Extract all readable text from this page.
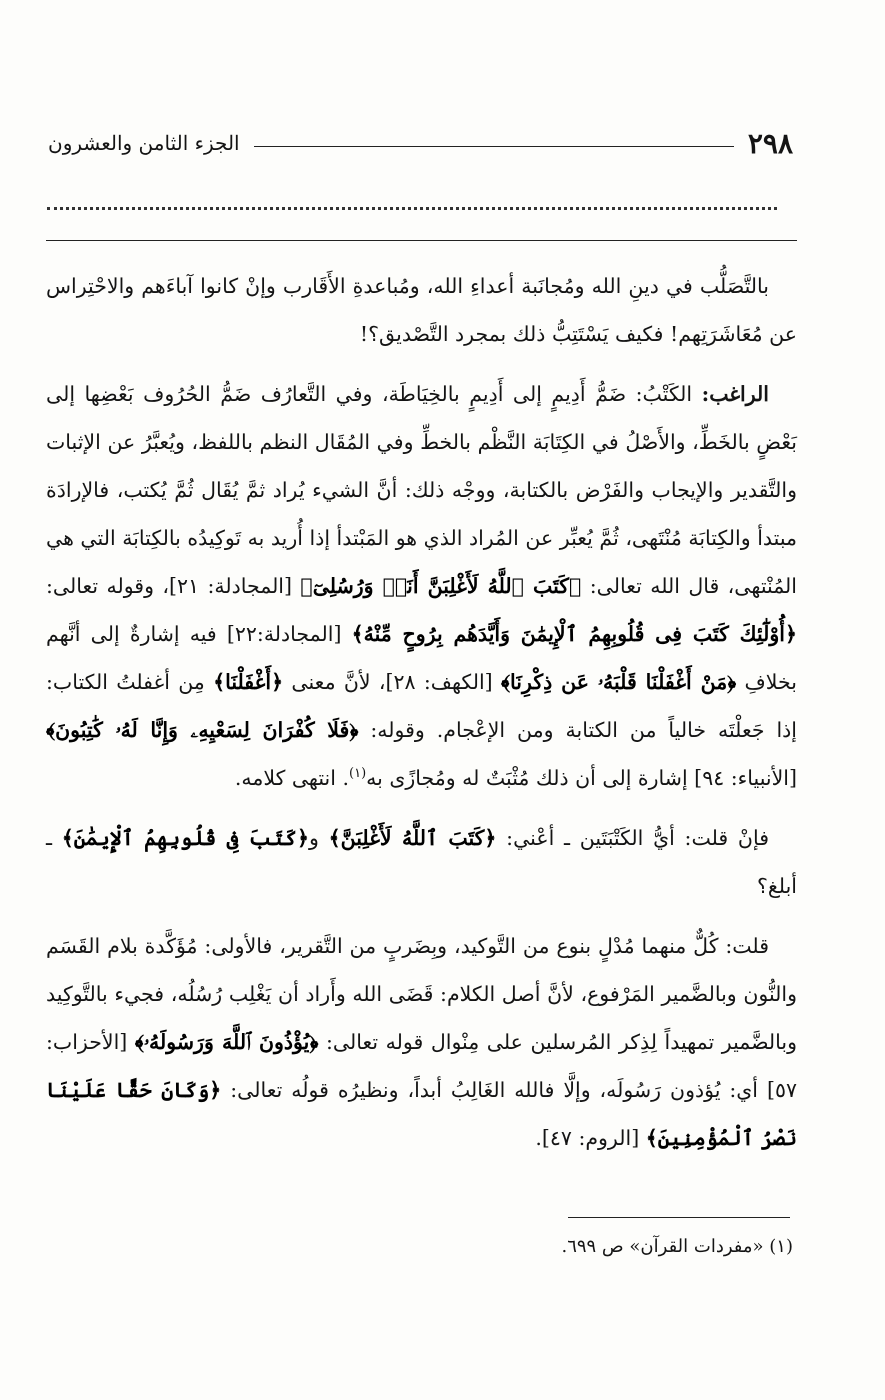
٢٩٨
الجزء الثامن والعشرون

بالتَّصَلُّب في دينِ الله ومُجانَبة أعداءِ الله، ومُباعدةِ الأَقَارب وإنْ كانوا آباءَهم والاحْتِراس عن مُعَاشَرَتِهم! فكيف يَسْتَتِبُّ ذلك بمجرد التَّصْديق؟!

الراغب: الكَتْبُ: ضَمُّ أَدِيمٍ إلى أَدِيمٍ بالخِيَاطَة، وفي التَّعارُف ضَمُّ الحُرُوف بَعْضِها إلى بَعْضٍ بالخَطِّ، والأَصْلُ في الكِتَابَة النَّظْم بالخطِّ وفي المُقَال النظم باللفظ، ويُعبَّرُ عن الإثبات والتَّقدير والإيجاب والفَرْض بالكتابة، ووجْه ذلك: أنَّ الشيء يُراد ثمَّ يُقَال ثُمَّ يُكتب، فالإرادَة مبتدأ والكِتابَة مُنْتَهى، ثُمَّ يُعبِّر عن المُراد الذي هو المَبْتدأ إذا أُريد به تَوكِيدُه بالكِتابَة التي هي المُنْتهى، قال الله تعالى: ﴿كَتَبَ ٱللَّهُ لَأَغْلِبَنَّ أَنَا۠ وَرُسُلِىٓ﴾ [المجادلة: ٢١]، وقوله تعالى: ﴿أُوْلَٰٓئِكَ كَتَبَ فِى قُلُوبِهِمُ ٱلْإِيمَٰنَ وَأَيَّدَهُم بِرُوحٍ مِّنْهُ﴾ [المجادلة:٢٢] فيه إشارةٌ إلى أنَّهم بخلافِ ﴿مَنْ أَغْفَلْنَا قَلْبَهُۥ عَن ذِكْرِنَا﴾ [الكهف: ٢٨]، لأنَّ معنى ﴿أَغْفَلْنَا﴾ مِن أغفلتُ الكتاب: إذا جَعلْتَه خالياً من الكتابة ومن الإعْجام. وقوله: ﴿فَلَا كُفْرَانَ لِسَعْيِهِۦ وَإِنَّا لَهُۥ كَٰتِبُونَ﴾ [الأنبياء: ٩٤] إشارة إلى أن ذلك مُثْبَتٌ له ومُجازًى به$^{(١)}$. انتهى كلامه.

فإنْ قلت: أيُّ الكَتْبَتَين ـ أعْني: ﴿كَتَبَ ٱللَّهُ لَأَغْلِبَنَّ﴾ و﴿كَتَبَ فِى قُلُوبِهِمُ ٱلْإِيمَٰنَ﴾ ـ أبلغ؟

قلت: كُلٌّ منهما مُدْلٍ بنوع من التَّوكيد، وبِضَربٍ من التَّقرير، فالأولى: مُؤَكَّدة بلام القَسَم والنُّون وبالضَّمير المَرْفوع، لأنَّ أصل الكلام: قَضَى الله وأَراد أن يَغْلِب رُسُلُه، فجيء بالتَّوكِيد وبالضَّمير تمهيداً لِذِكر المُرسلين على مِنْوال قوله تعالى: ﴿يُؤْذُونَ ٱللَّهَ وَرَسُولَهُۥ﴾ [الأحزاب: ٥٧] أي: يُؤذون رَسُولَه، وإلَّا فالله الغَالِبُ أبداً، ونظيرُه قولُه تعالى: ﴿وَكَانَ حَقًّا عَلَيْنَا نَصْرُ ٱلْمُؤْمِنِينَ﴾ [الروم: ٤٧].

(١) «مفردات القرآن» ص ٦٩٩.
